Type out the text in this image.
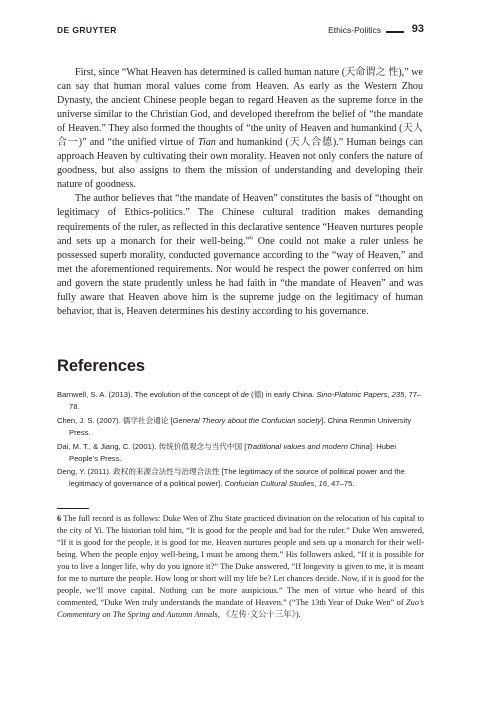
DE GRUYTER	Ethics-Politics	93

First, since “What Heaven has determined is called human nature (天命谓之 性),” we can say that human moral values come from Heaven. As early as the Western Zhou Dynasty, the ancient Chinese people began to regard Heaven as the supreme force in the universe similar to the Christian God, and developed therefrom the belief of “the mandate of Heaven.” They also formed the thoughts of “the unity of Heaven and humankind (天人合一)” and “the unified virtue of Tian and humankind (天人合德).” Human beings can approach Heaven by cultivating their own morality. Heaven not only confers the nature of goodness, but also assigns to them the mission of understanding and developing their nature of goodness.

The author believes that “the mandate of Heaven” constitutes the basis of “thought on legitimacy of Ethics-politics.” The Chinese cultural tradition makes demanding requirements of the ruler, as reflected in this declarative sentence “Heaven nurtures people and sets up a monarch for their well-being.”$^6$ One could not make a ruler unless he possessed superb morality, conducted governance according to the “way of Heaven,” and met the aforementioned requirements. Nor would he respect the power conferred on him and govern the state prudently unless he had faith in “the mandate of Heaven” and was fully aware that Heaven above him is the supreme judge on the legitimacy of human behavior, that is, Heaven determines his destiny according to his governance.

References

Barnwell, S. A. (2013). The evolution of the concept of de (德) in early China. Sino-Platonic Papers, 235, 77–78.

Chen, J. S. (2007). 儒学社会通论 [General Theory about the Confucian society]. China Renmin University Press.

Dai, M. T., & Jiang, C. (2001). 传统价值观念与当代中国 [Traditional values and modern China]. Hubei People’s Press.

Deng, Y. (2011). 政权的来源合法性与治理合法性 [The legitimacy of the source of political power and the legitimacy of governance of a political power]. Confucian Cultural Studies, 16, 47–75.

6 The full record is as follows: Duke Wen of Zhu State practiced divination on the relocation of his capital to the city of Yi. The historian told him, “It is good for the people and bad for the ruler.” Duke Wen answered, “If it is good for the people, it is good for me. Heaven nurtures people and sets up a monarch for their well-being. When the people enjoy well-being, I must be among them.” His followers asked, “If it is possible for you to live a longer life, why do you ignore it?” The Duke answered, “If longevity is given to me, it is meant for me to nurture the people. How long or short will my life be? Let chances decide. Now, if it is good for the people, we’ll move capital. Nothing can be more auspicious.” The men of virtue who heard of this commented, “Duke Wen truly understands the mandate of Heaven.” (“The 13th Year of Duke Wen” of Zuo’s Commentary on The Spring and Autumn Annals, 《左传·文公十三年》).
